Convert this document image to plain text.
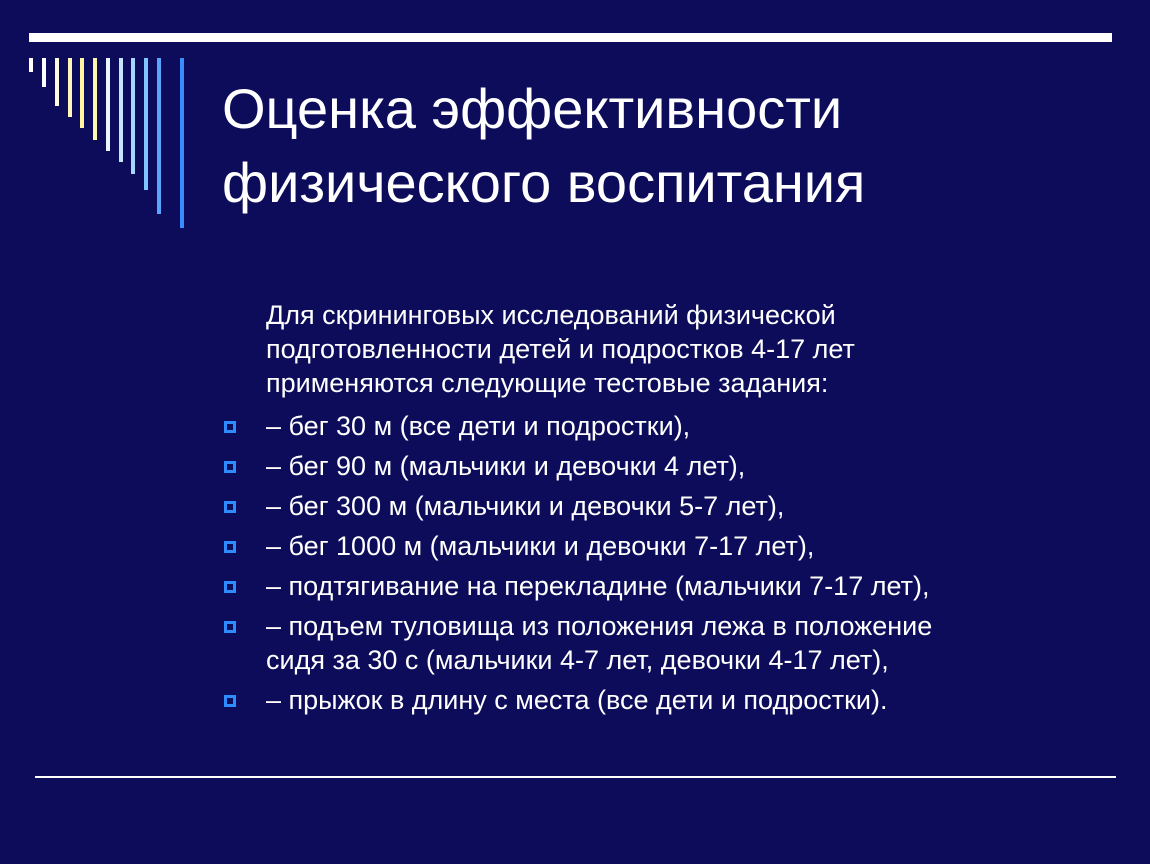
Оценка эффективности
физического воспитания
Для скрининговых исследований физической
подготовленности детей и подростков 4-17 лет
применяются следующие тестовые задания:
– бег 30 м (все дети и подростки),
– бег 90 м (мальчики и девочки 4 лет),
– бег 300 м (мальчики и девочки 5-7 лет),
– бег 1000 м (мальчики и девочки 7-17 лет),
– подтягивание на перекладине (мальчики 7-17 лет),
– подъем туловища из положения лежа в положение
сидя за 30 с (мальчики 4-7 лет, девочки 4-17 лет),
– прыжок в длину с места (все дети и подростки).
